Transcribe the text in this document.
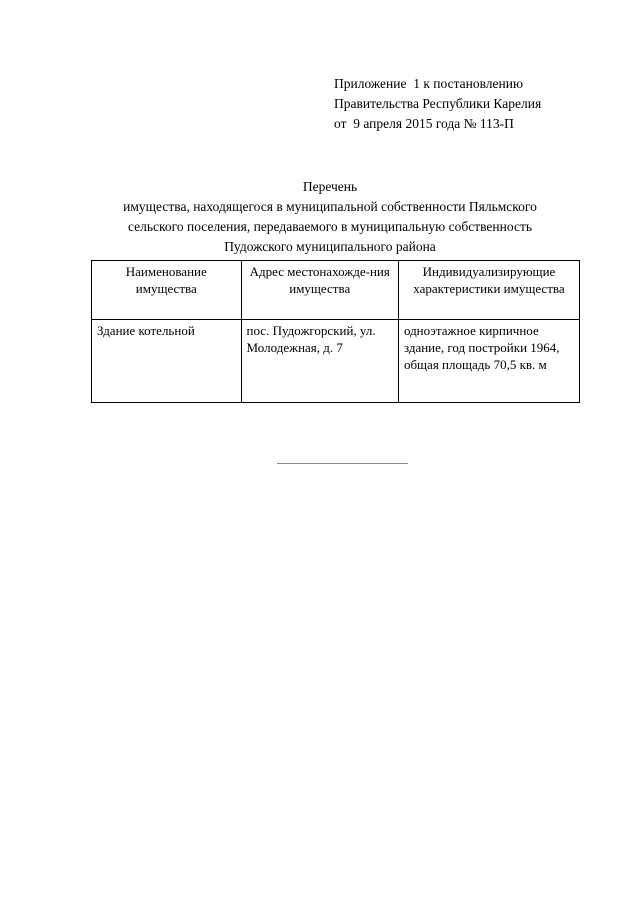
Приложение  1 к постановлению
Правительства Республики Карелия
от  9 апреля 2015 года № 113-П
Перечень
имущества, находящегося в муниципальной собственности Пяльмского
сельского поселения, передаваемого в муниципальную собственность
Пудожского муниципального района
Наименование имущества	Адрес местонахожде-ния имущества	Индивидуализирующие характеристики имущества
Здание котельной	пос. Пудожгорский, ул. Молодежная, д. 7	одноэтажное кирпичное здание, год постройки 1964, общая площадь 70,5 кв. м
